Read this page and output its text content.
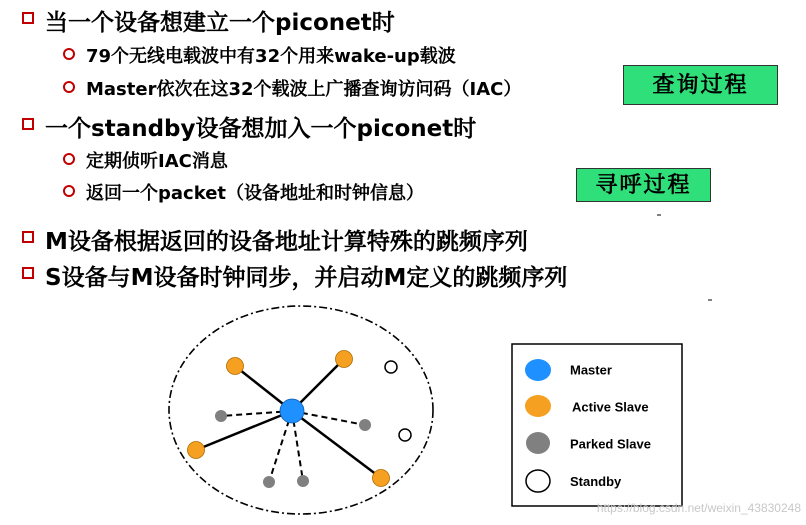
当一个设备想建立一个piconet时
79个无线电载波中有32个用来wake-up载波
Master依次在这32个载波上广播查询访问码（IAC）
一个standby设备想加入一个piconet时
定期侦听IAC消息
返回一个packet（设备地址和时钟信息）
M设备根据返回的设备地址计算特殊的跳频序列
S设备与M设备时钟同步，并启动M定义的跳频序列
查询过程
寻呼过程
Master
Active Slave
Parked Slave
Standby
https://blog.csdn.net/weixin_43830248
